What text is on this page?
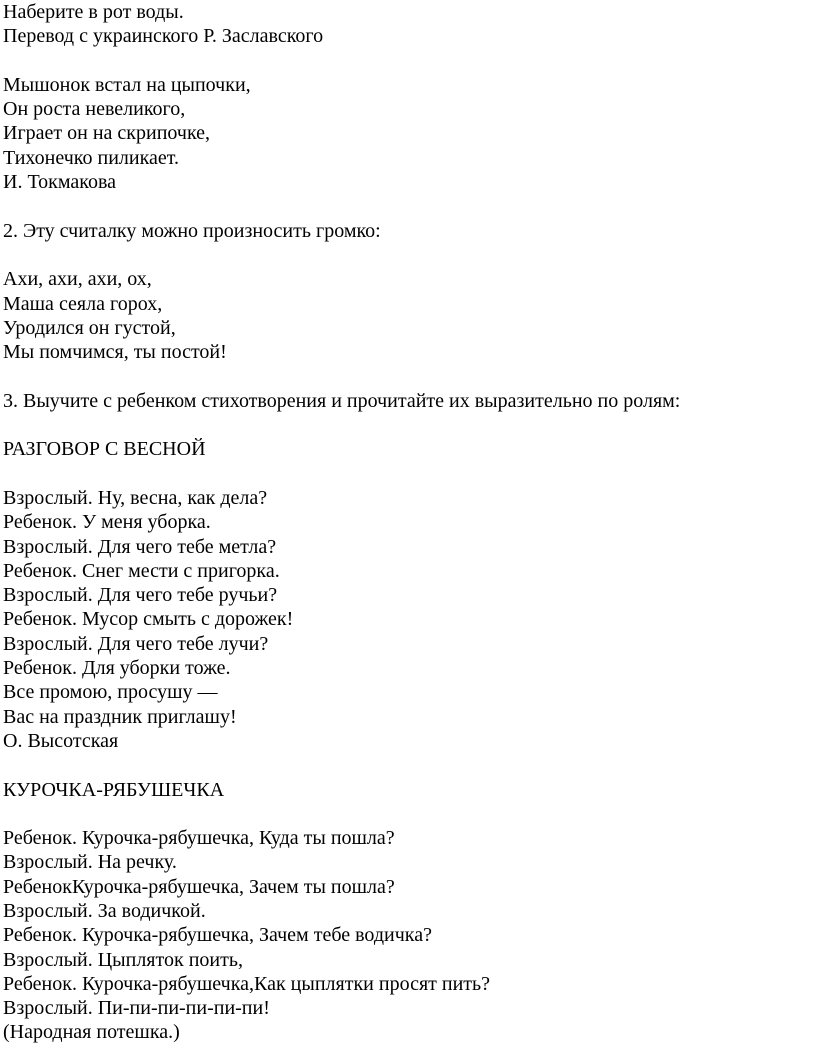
Наберите в рот воды.
Перевод с украинского Р. Заславского
Мышонок встал на цыпочки,
Он роста невеликого,
Играет он на скрипочке,
Тихонечко пиликает.
И. Токмакова
2. Эту считалку можно произносить громко:
Ахи, ахи, ахи, ох,
Маша сеяла горох,
Уродился он густой,
Мы помчимся, ты постой!
3. Выучите с ребенком стихотворения и прочитайте их выразительно по ролям:
РАЗГОВОР С ВЕСНОЙ
Взрослый. Ну, весна, как дела?
Ребенок. У меня уборка.
Взрослый. Для чего тебе метла?
Ребенок. Снег мести с пригорка.
Взрослый. Для чего тебе ручьи?
Ребенок. Мусор смыть с дорожек!
Взрослый. Для чего тебе лучи?
Ребенок. Для уборки тоже.
Все промою, просушу —
Вас на праздник приглашу!
О. Высотская
КУРОЧКА-РЯБУШЕЧКА
Ребенок. Курочка-рябушечка, Куда ты пошла?
Взрослый. На речку.
РебенокКурочка-рябушечка, Зачем ты пошла?
Взрослый. За водичкой.
Ребенок. Курочка-рябушечка, Зачем тебе водичка?
Взрослый. Цыпляток поить,
Ребенок. Курочка-рябушечка,Как цыплятки просят пить?
Взрослый. Пи-пи-пи-пи-пи-пи!
(Народная потешка.)
